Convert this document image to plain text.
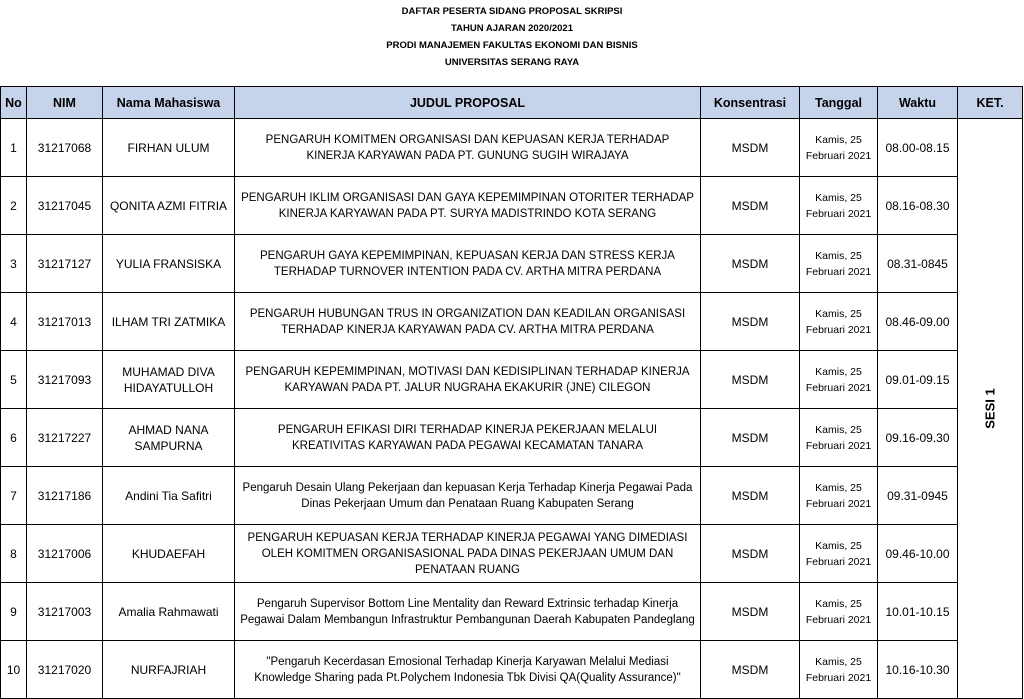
DAFTAR PESERTA SIDANG PROPOSAL SKRIPSI
TAHUN AJARAN 2020/2021
PRODI MANAJEMEN FAKULTAS EKONOMI DAN BISNIS
UNIVERSITAS SERANG RAYA
No	NIM	Nama Mahasiswa	JUDUL PROPOSAL	Konsentrasi	Tanggal	Waktu	KET.
1	31217068	FIRHAN ULUM	PENGARUH KOMITMEN ORGANISASI DAN KEPUASAN KERJA TERHADAP KINERJA KARYAWAN PADA PT. GUNUNG SUGIH WIRAJAYA	MSDM	Kamis, 25 Februari 2021	08.00-08.15	SESI 1
2	31217045	QONITA AZMI FITRIA	PENGARUH IKLIM ORGANISASI DAN GAYA KEPEMIMPINAN OTORITER TERHADAP KINERJA KARYAWAN PADA PT. SURYA MADISTRINDO KOTA SERANG	MSDM	Kamis, 25 Februari 2021	08.16-08.30	
3	31217127	YULIA FRANSISKA	PENGARUH GAYA KEPEMIMPINAN, KEPUASAN KERJA DAN STRESS KERJA TERHADAP TURNOVER INTENTION PADA CV. ARTHA MITRA PERDANA	MSDM	Kamis, 25 Februari 2021	08.31-0845	
4	31217013	ILHAM TRI ZATMIKA	PENGARUH HUBUNGAN TRUS IN ORGANIZATION DAN KEADILAN ORGANISASI TERHADAP KINERJA KARYAWAN PADA CV. ARTHA MITRA PERDANA	MSDM	Kamis, 25 Februari 2021	08.46-09.00	
5	31217093	MUHAMAD DIVA HIDAYATULLOH	PENGARUH KEPEMIMPINAN, MOTIVASI DAN KEDISIPLINAN TERHADAP KINERJA KARYAWAN PADA PT. JALUR NUGRAHA EKAKURIR (JNE) CILEGON	MSDM	Kamis, 25 Februari 2021	09.01-09.15	
6	31217227	AHMAD NANA SAMPURNA	PENGARUH EFIKASI DIRI TERHADAP KINERJA PEKERJAAN MELALUI KREATIVITAS KARYAWAN PADA PEGAWAI KECAMATAN TANARA	MSDM	Kamis, 25 Februari 2021	09.16-09.30	
7	31217186	Andini Tia Safitri	Pengaruh Desain Ulang Pekerjaan dan kepuasan Kerja Terhadap Kinerja Pegawai Pada Dinas Pekerjaan Umum dan Penataan Ruang Kabupaten Serang	MSDM	Kamis, 25 Februari 2021	09.31-0945	
8	31217006	KHUDAEFAH	PENGARUH KEPUASAN KERJA TERHADAP KINERJA PEGAWAI YANG DIMEDIASI OLEH KOMITMEN ORGANISASIONAL PADA DINAS PEKERJAAN UMUM DAN PENATAAN RUANG	MSDM	Kamis, 25 Februari 2021	09.46-10.00	
9	31217003	Amalia Rahmawati	Pengaruh Supervisor Bottom Line Mentality dan Reward Extrinsic terhadap Kinerja Pegawai Dalam Membangun Infrastruktur Pembangunan Daerah Kabupaten Pandeglang	MSDM	Kamis, 25 Februari 2021	10.01-10.15	
10	31217020	NURFAJRIAH	"Pengaruh Kecerdasan Emosional Terhadap Kinerja Karyawan Melalui Mediasi Knowledge Sharing pada Pt.Polychem Indonesia Tbk Divisi QA(Quality Assurance)"	MSDM	Kamis, 25 Februari 2021	10.16-10.30	
